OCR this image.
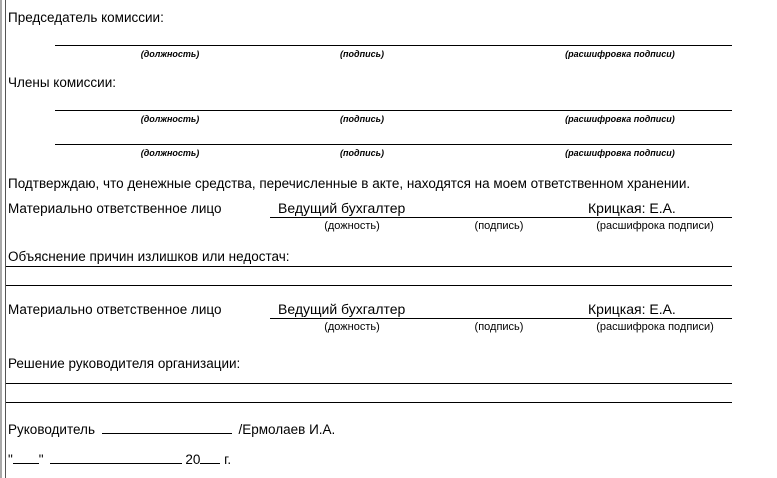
Председатель комиссии:
(должность)	(подпись)	(расшифровка подписи)
Члены комиссии:
(должность)	(подпись)	(расшифровка подписи)
(должность)	(подпись)	(расшифровка подписи)
Подтверждаю, что денежные средства, перечисленные в акте, находятся на моем ответственном хранении.
Материально ответственное лицо	Ведущий бухгалтер	Крицкая: Е.А.
(дожность)	(подпись)	(расшифрока подписи)
Объяснение причин излишков или недостач:
Материально ответственное лицо	Ведущий бухгалтер	Крицкая: Е.А.
(дожность)	(подпись)	(расшифрока подписи)
Решение руководителя организации:
Руководитель	/Ермолаев И.А.
" "	20 г.
